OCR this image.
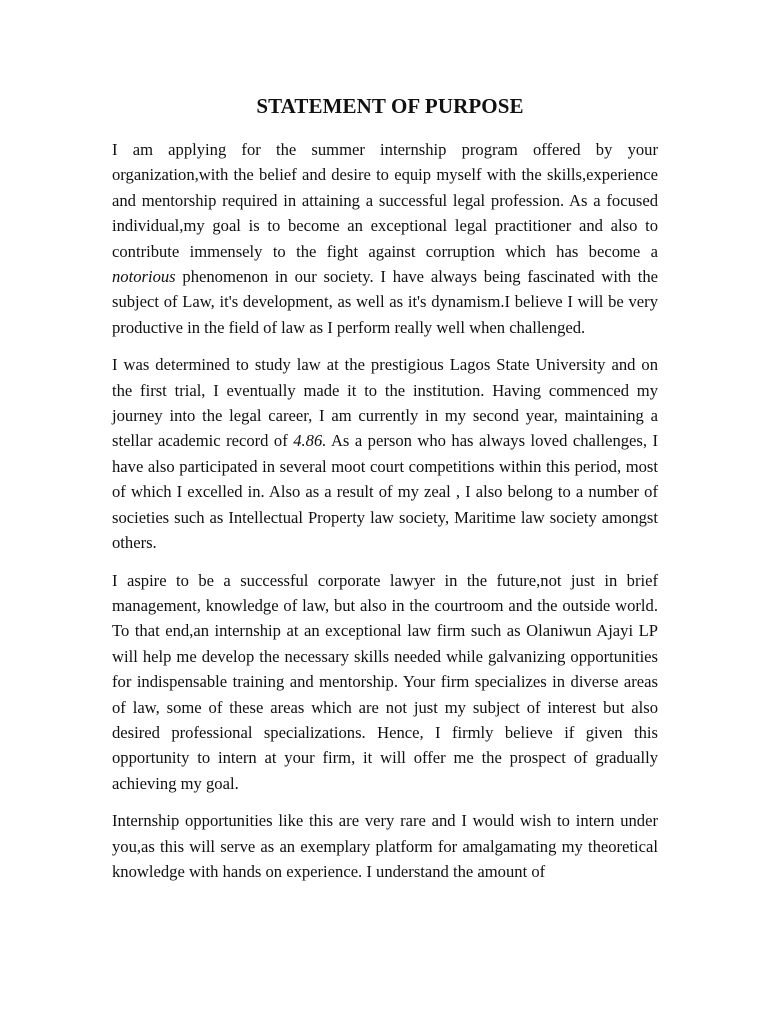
STATEMENT OF PURPOSE

I am applying for the summer internship program offered by your organization,with the belief and desire to equip myself with the skills,experience and mentorship required in attaining a successful legal profession. As a focused individual,my goal is to become an exceptional legal practitioner and also to contribute immensely to the fight against corruption which has become a notorious phenomenon in our society. I have always being fascinated with the subject of Law, it's development, as well as it's dynamism.I believe I will be very productive in the field of law as I perform really well when challenged.

I was determined to study law at the prestigious Lagos State University and on the first trial, I eventually made it to the institution. Having commenced my journey into the legal career, I am currently in my second year, maintaining a stellar academic record of 4.86. As a person who has always loved challenges, I have also participated in several moot court competitions within this period, most of which I excelled in. Also as a result of my zeal , I also belong to a number of societies such as Intellectual Property law society, Maritime law society amongst others.

I aspire to be a successful corporate lawyer in the future,not just in brief management, knowledge of law, but also in the courtroom and the outside world. To that end,an internship at an exceptional law firm such as Olaniwun Ajayi LP will help me develop the necessary skills needed while galvanizing opportunities for indispensable training and mentorship. Your firm specializes in diverse areas of law, some of these areas which are not just my subject of interest but also desired professional specializations. Hence, I firmly believe if given this opportunity to intern at your firm, it will offer me the prospect of gradually achieving my goal.

Internship opportunities like this are very rare and I would wish to intern under you,as this will serve as an exemplary platform for amalgamating my theoretical knowledge with hands on experience. I understand the amount of
